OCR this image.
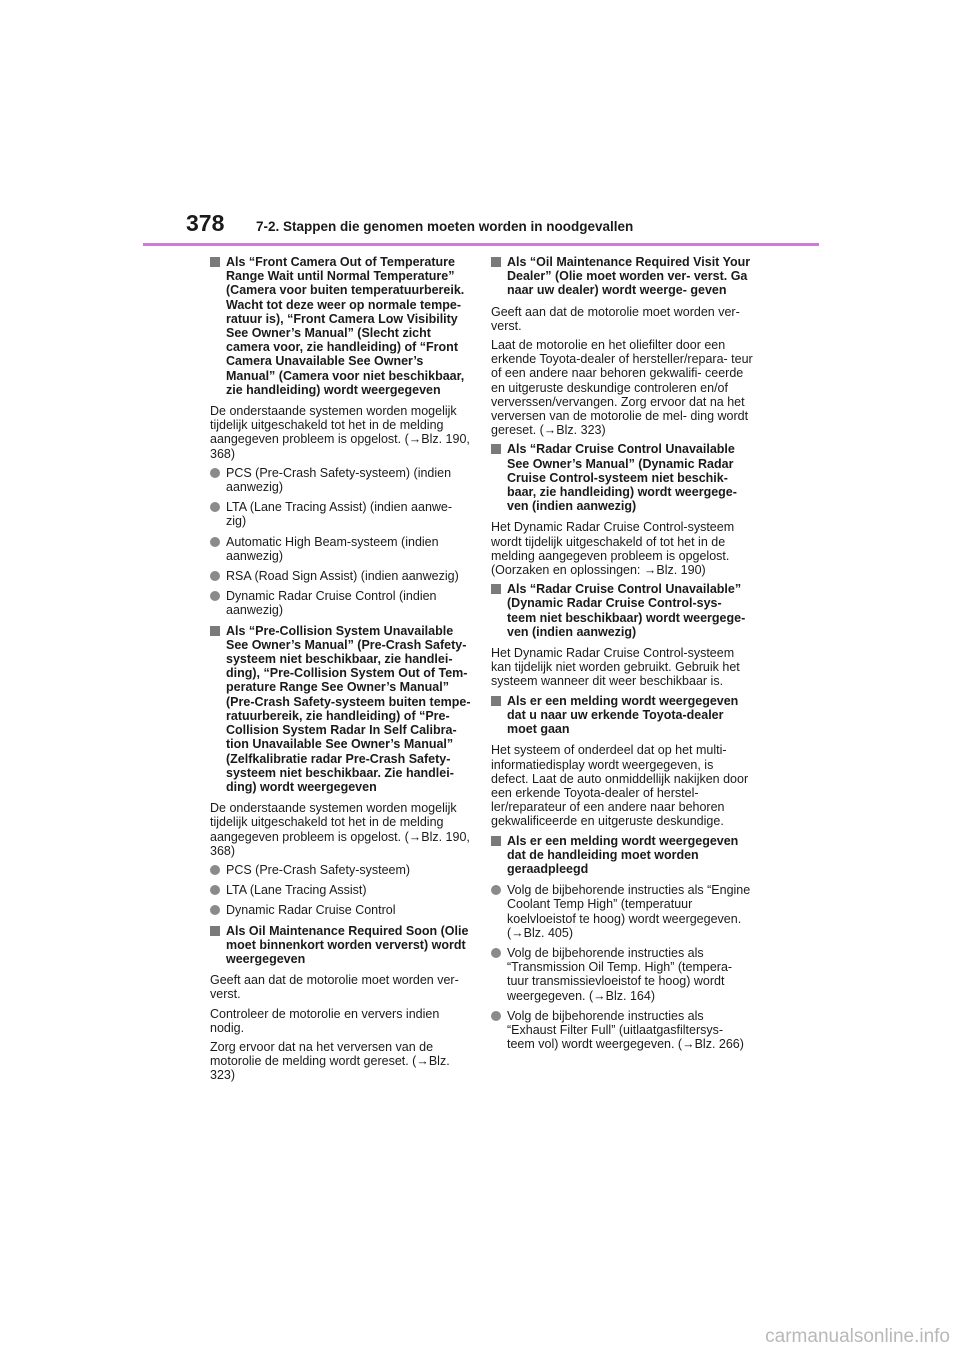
378 7-2. Stappen die genomen moeten worden in noodgevallen
Als “Front Camera Out of Temperature Range Wait until Normal Temperature” (Camera voor buiten temperatuurbereik. Wacht tot deze weer op normale tempe- ratuur is), “Front Camera Low Visibility See Owner’s Manual” (Slecht zicht camera voor, zie handleiding) of “Front Camera Unavailable See Owner’s Manual” (Camera voor niet beschikbaar, zie handleiding) wordt weergegeven
De onderstaande systemen worden mogelijk tijdelijk uitgeschakeld tot het in de melding aangegeven probleem is opgelost. (→Blz. 190, 368)
PCS (Pre-Crash Safety-systeem) (indien aanwezig)
LTA (Lane Tracing Assist) (indien aanwe- zig)
Automatic High Beam-systeem (indien aanwezig)
RSA (Road Sign Assist) (indien aanwezig)
Dynamic Radar Cruise Control (indien aanwezig)
Als “Pre-Collision System Unavailable See Owner’s Manual” (Pre-Crash Safety- systeem niet beschikbaar, zie handlei- ding), “Pre-Collision System Out of Tem- perature Range See Owner’s Manual” (Pre-Crash Safety-systeem buiten tempe- ratuurbereik, zie handleiding) of “Pre- Collision System Radar In Self Calibra- tion Unavailable See Owner’s Manual” (Zelfkalibratie radar Pre-Crash Safety- systeem niet beschikbaar. Zie handlei- ding) wordt weergegeven
De onderstaande systemen worden mogelijk tijdelijk uitgeschakeld tot het in de melding aangegeven probleem is opgelost. (→Blz. 190, 368)
PCS (Pre-Crash Safety-systeem)
LTA (Lane Tracing Assist)
Dynamic Radar Cruise Control
Als Oil Maintenance Required Soon (Olie moet binnenkort worden ververst) wordt weergegeven
Geeft aan dat de motorolie moet worden ver- verst.
Controleer de motorolie en ververs indien nodig.
Zorg ervoor dat na het verversen van de motorolie de melding wordt gereset. (→Blz. 323)
Als “Oil Maintenance Required Visit Your Dealer” (Olie moet worden ver- verst. Ga naar uw dealer) wordt weerge- geven
Geeft aan dat de motorolie moet worden ver- verst.
Laat de motorolie en het oliefilter door een erkende Toyota-dealer of hersteller/repara- teur of een andere naar behoren gekwalifi- ceerde en uitgeruste deskundige controleren en/of ververssen/vervangen. Zorg ervoor dat na het verversen van de motorolie de mel- ding wordt gereset. (→Blz. 323)
Als “Radar Cruise Control Unavailable See Owner’s Manual” (Dynamic Radar Cruise Control-systeem niet beschik- baar, zie handleiding) wordt weergege- ven (indien aanwezig)
Het Dynamic Radar Cruise Control-systeem wordt tijdelijk uitgeschakeld of tot het in de melding aangegeven probleem is opgelost. (Oorzaken en oplossingen: →Blz. 190)
Als “Radar Cruise Control Unavailable” (Dynamic Radar Cruise Control-sys- teem niet beschikbaar) wordt weergege- ven (indien aanwezig)
Het Dynamic Radar Cruise Control-systeem kan tijdelijk niet worden gebruikt. Gebruik het systeem wanneer dit weer beschikbaar is.
Als er een melding wordt weergegeven dat u naar uw erkende Toyota-dealer moet gaan
Het systeem of onderdeel dat op het multi- informatiedisplay wordt weergegeven, is defect. Laat de auto onmiddellijk nakijken door een erkende Toyota-dealer of herstel- ler/reparateur of een andere naar behoren gekwalificeerde en uitgeruste deskundige.
Als er een melding wordt weergegeven dat de handleiding moet worden geraadpleegd
Volg de bijbehorende instructies als “Engine Coolant Temp High” (temperatuur koelvloeistof te hoog) wordt weergegeven. (→Blz. 405)
Volg de bijbehorende instructies als “Transmission Oil Temp. High” (tempera- tuur transmissievloeistof te hoog) wordt weergegeven. (→Blz. 164)
Volg de bijbehorende instructies als “Exhaust Filter Full” (uitlaatgasfiltersys- teem vol) wordt weergegeven. (→Blz. 266)
carmanualsonline.info
